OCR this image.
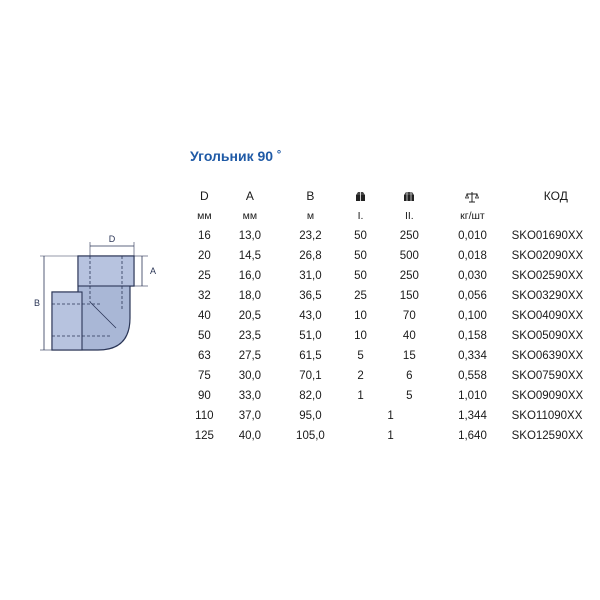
Угольник 90 ˚
D
A
B
D	A	B				КОД
мм	мм	м	I.	II.	кг/шт	
16	13,0	23,2	50	250	0,010	SKO01690XX
20	14,5	26,8	50	500	0,018	SKO02090XX
25	16,0	31,0	50	250	0,030	SKO02590XX
32	18,0	36,5	25	150	0,056	SKO03290XX
40	20,5	43,0	10	70	0,100	SKO04090XX
50	23,5	51,0	10	40	0,158	SKO05090XX
63	27,5	61,5	5	15	0,334	SKO06390XX
75	30,0	70,1	2	6	0,558	SKO07590XX
90	33,0	82,0	1	5	1,010	SKO09090XX
110	37,0	95,0	1		1,344	SKO11090XX
125	40,0	105,0	1		1,640	SKO12590XX
